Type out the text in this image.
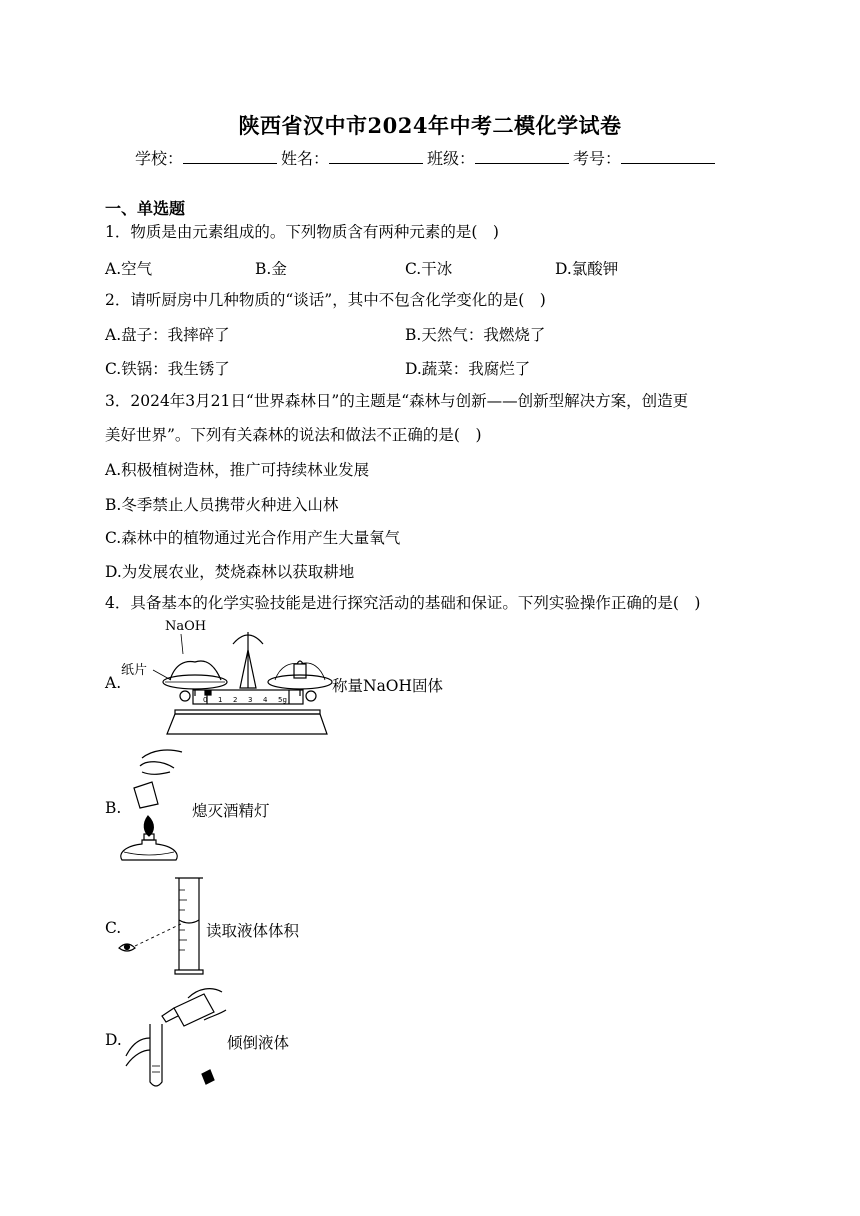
陕西省汉中市2024年中考二模化学试卷
学校：	姓名：	班级：	考号：
一、单选题
1．物质是由元素组成的。下列物质含有两种元素的是(　)
A.空气	B.金	C.干冰	D.氯酸钾
2．请听厨房中几种物质的“谈话”，其中不包含化学变化的是(　)
A.盘子：我摔碎了	B.天然气：我燃烧了
C.铁锅：我生锈了	D.蔬菜：我腐烂了
3．2024年3月21日“世界森林日”的主题是“森林与创新——创新型解决方案，创造更
美好世界”。下列有关森林的说法和做法不正确的是(　)
A.积极植树造林，推广可持续林业发展
B.冬季禁止人员携带火种进入山林
C.森林中的植物通过光合作用产生大量氧气
D.为发展农业，焚烧森林以获取耕地
4．具备基本的化学实验技能是进行探究活动的基础和保证。下列实验操作正确的是(　)
A.
NaOH
纸片
0 1 2 3 4 5g
称量NaOH固体
B.	熄灭酒精灯
C.	读取液体体积
D.	倾倒液体
